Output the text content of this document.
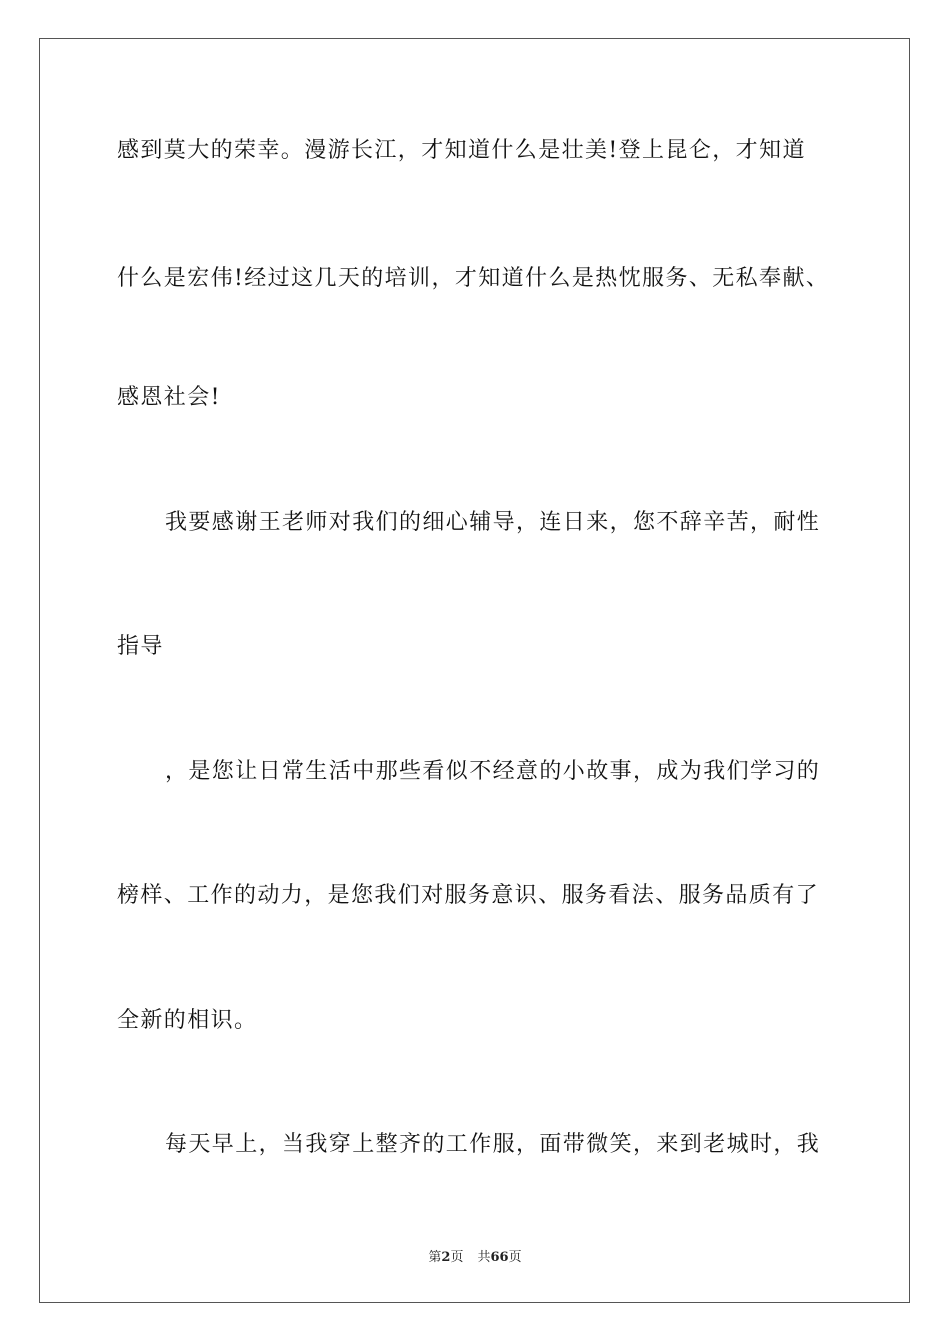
感到莫大的荣幸。漫游长江，才知道什么是壮美!登上昆仑，才知道
什么是宏伟!经过这几天的培训，才知道什么是热忱服务、无私奉献、
感恩社会!
我要感谢王老师对我们的细心辅导，连日来，您不辞辛苦，耐性
指导
，是您让日常生活中那些看似不经意的小故事，成为我们学习的
榜样、工作的动力，是您我们对服务意识、服务看法、服务品质有了
全新的相识。
每天早上，当我穿上整齐的工作服，面带微笑，来到老城时，我
第2页 共66页
